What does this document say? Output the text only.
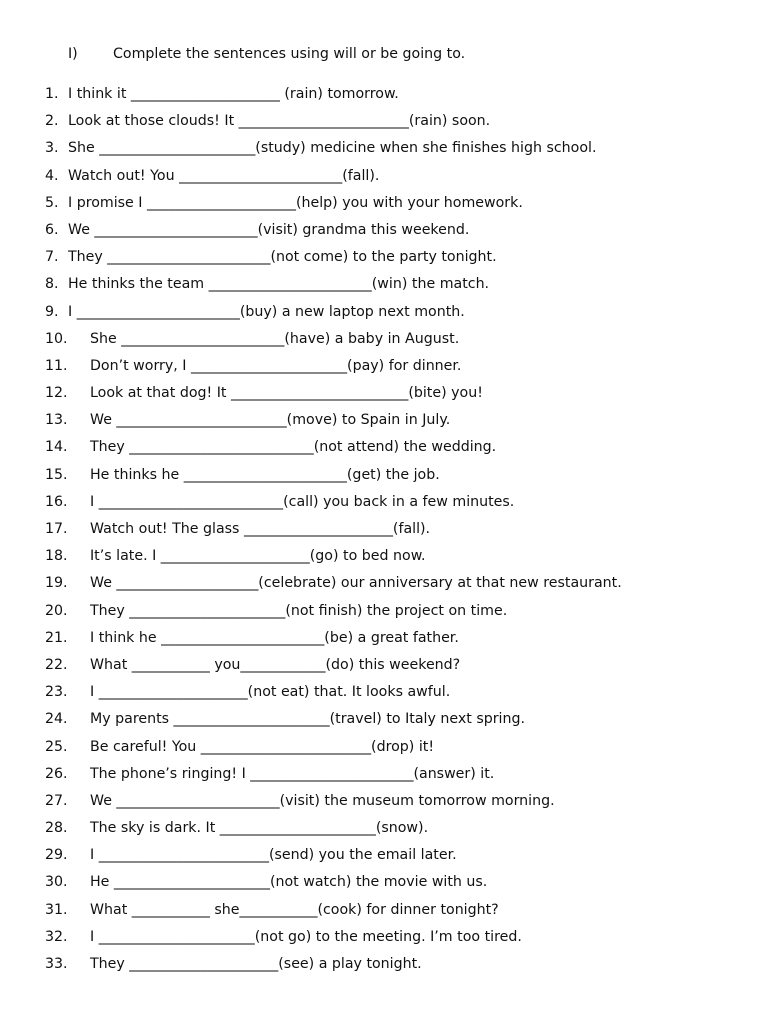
I) Complete the sentences using will or be going to.
1. I think it _____________________ (rain) tomorrow.
2. Look at those clouds! It ________________________(rain) soon.
3. She ______________________(study) medicine when she finishes high school.
4. Watch out! You _______________________(fall).
5. I promise I _____________________(help) you with your homework.
6. We _______________________(visit) grandma this weekend.
7. They _______________________(not come) to the party tonight.
8. He thinks the team _______________________(win) the match.
9. I _______________________(buy) a new laptop next month.
10. She _______________________(have) a baby in August.
11. Don’t worry, I ______________________(pay) for dinner.
12. Look at that dog! It _________________________(bite) you!
13. We ________________________(move) to Spain in July.
14. They __________________________(not attend) the wedding.
15. He thinks he _______________________(get) the job.
16. I __________________________(call) you back in a few minutes.
17. Watch out! The glass _____________________(fall).
18. It’s late. I _____________________(go) to bed now.
19. We ____________________(celebrate) our anniversary at that new restaurant.
20. They ______________________(not finish) the project on time.
21. I think he _______________________(be) a great father.
22. What ___________ you____________(do) this weekend?
23. I _____________________(not eat) that. It looks awful.
24. My parents ______________________(travel) to Italy next spring.
25. Be careful! You ________________________(drop) it!
26. The phone’s ringing! I _______________________(answer) it.
27. We _______________________(visit) the museum tomorrow morning.
28. The sky is dark. It ______________________(snow).
29. I ________________________(send) you the email later.
30. He ______________________(not watch) the movie with us.
31. What ___________ she___________(cook) for dinner tonight?
32. I ______________________(not go) to the meeting. I’m too tired.
33. They _____________________(see) a play tonight.
